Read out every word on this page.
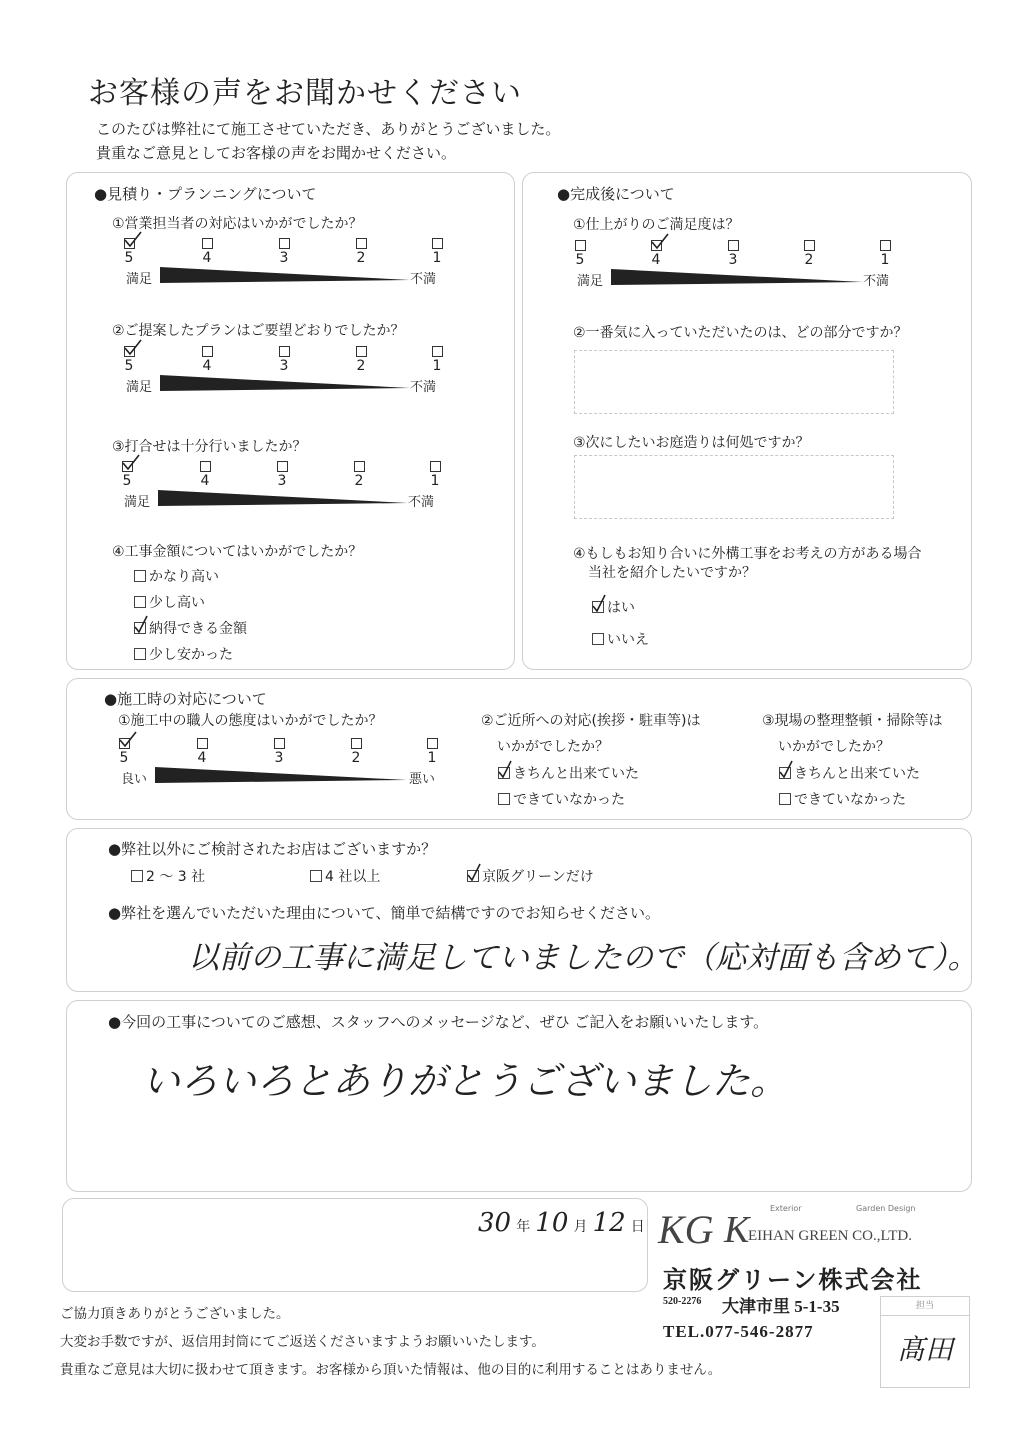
お客様の声をお聞かせください
このたびは弊社にて施工させていただき、ありがとうございました。
貴重なご意見としてお客様の声をお聞かせください。
●見積り・プランニングについて
①営業担当者の対応はいかがでしたか？
5	4	3	2	1
満足	不満
②ご提案したプランはご要望どおりでしたか？
5	4	3	2	1
満足	不満
③打合せは十分行いましたか？
5	4	3	2	1
満足	不満
④工事金額についてはいかがでしたか？
かなり高い
少し高い
納得できる金額
少し安かった
●完成後について
①仕上がりのご満足度は？
5	4	3	2	1
満足	不満
②一番気に入っていただいたのは、どの部分ですか？
③次にしたいお庭造りは何処ですか？
④もしもお知り合いに外構工事をお考えの方がある場合
当社を紹介したいですか？
はい
いいえ
●施工時の対応について
①施工中の職人の態度はいかがでしたか？
5	4	3	2	1
良い	悪い
②ご近所への対応(挨拶・駐車等)は
いかがでしたか？
きちんと出来ていた
できていなかった
③現場の整理整頓・掃除等は
いかがでしたか？
きちんと出来ていた
できていなかった
●弊社以外にご検討されたお店はございますか？
2 ～ 3 社	4 社以上	京阪グリーンだけ
●弊社を選んでいただいた理由について、簡単で結構ですのでお知らせください。
以前の工事に満足していましたので（応対面も含めて）。
●今回の工事についてのご感想、スタッフへのメッセージなど、ぜひ ご記入をお願いいたします。
いろいろとありがとうございました。
30 年 10 月 12 日 KG	Exterior	Garden Design
K
EIHAN GREEN CO.,LTD.
京阪グリーン株式会社
520-2276 大津市里 5-1-35
TEL.077-546-2877
担当
髙田
ご協力頂きありがとうございました。
大変お手数ですが、返信用封筒にてご返送くださいますようお願いいたします。
貴重なご意見は大切に扱わせて頂きます。お客様から頂いた情報は、他の目的に利用することはありません。
